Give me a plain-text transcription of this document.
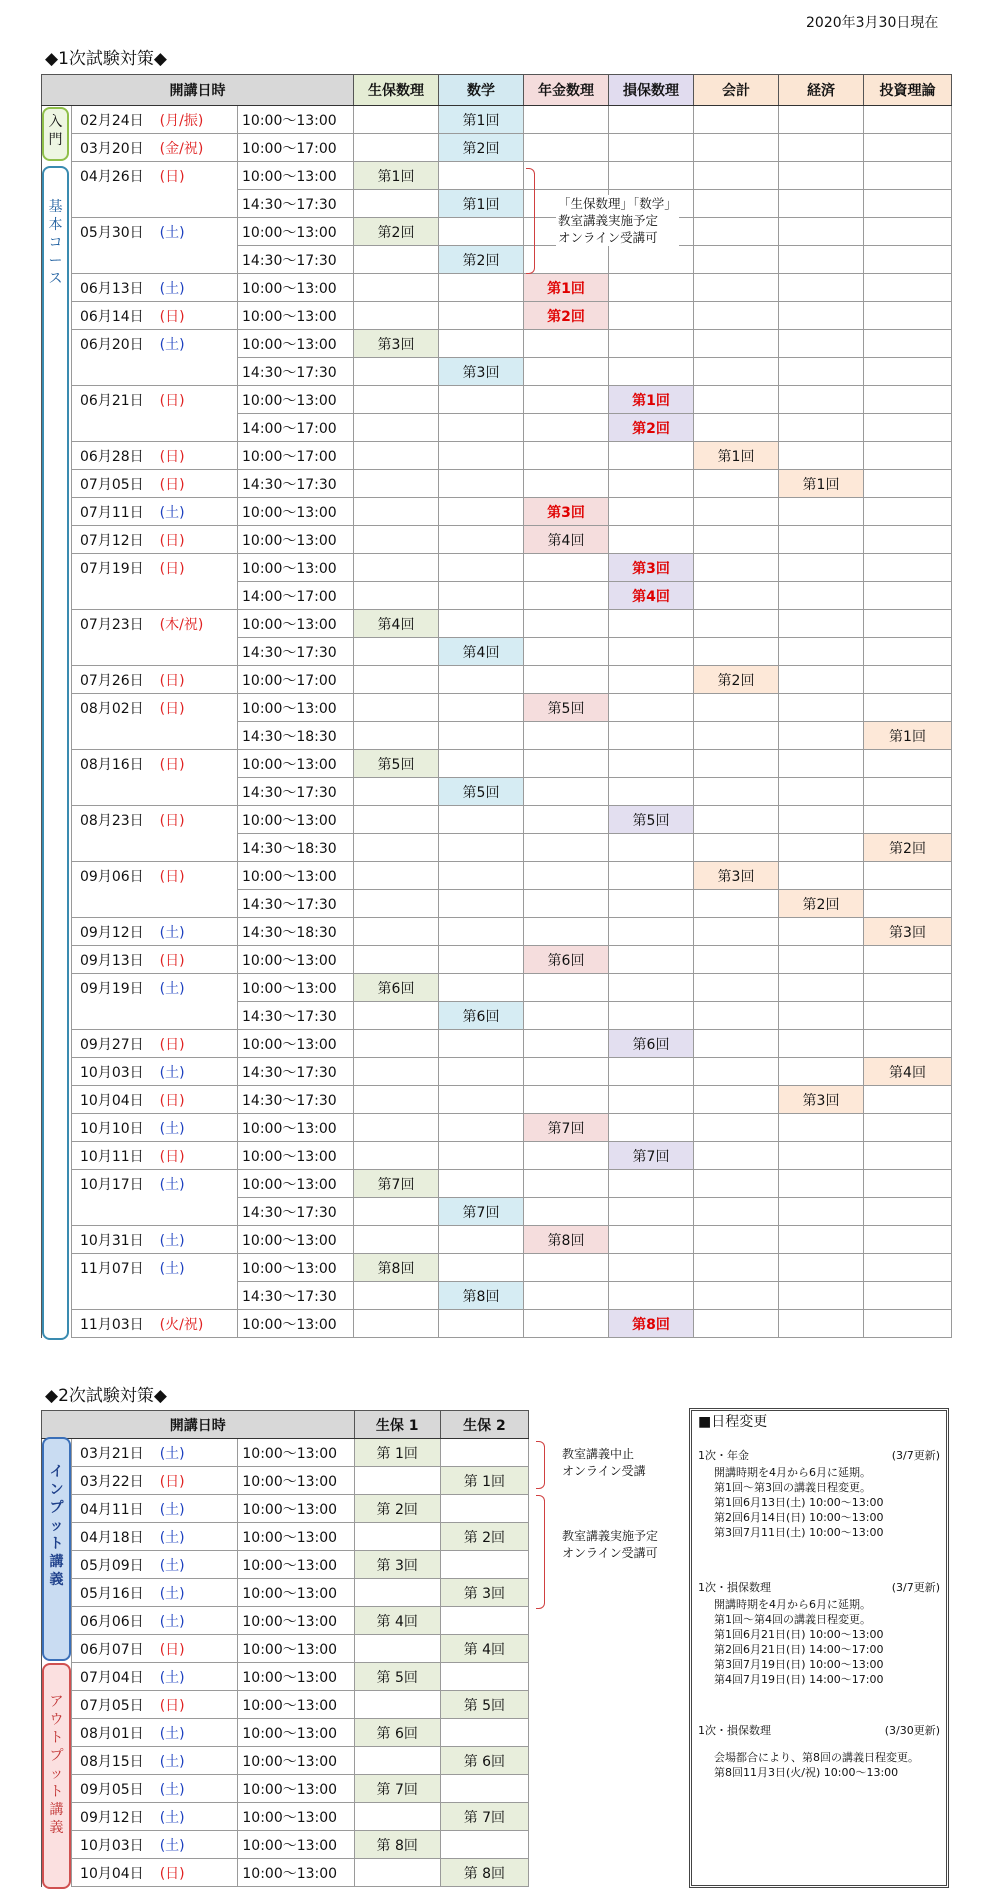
2020年3月30日現在
◆1次試験対策◆
開講日時			生保数理	数学	年金数理	損保数理	会計	経済	投資理論
	02月24日 (月/振)	10:00～13:00		第1回					
	03月20日 (金/祝)	10:00～17:00		第2回					
	04月26日 (日)	10:00～13:00	第1回						
		14:30～17:30		第1回					
	05月30日 (土)	10:00～13:00	第2回						
		14:30～17:30		第2回					
	06月13日 (土)	10:00～13:00			第1回				
	06月14日 (日)	10:00～13:00			第2回				
	06月20日 (土)	10:00～13:00	第3回						
		14:30～17:30		第3回					
	06月21日 (日)	10:00～13:00				第1回			
		14:00～17:00				第2回			
	06月28日 (日)	10:00～17:00					第1回		
	07月05日 (日)	14:30～17:30						第1回	
	07月11日 (土)	10:00～13:00			第3回				
	07月12日 (日)	10:00～13:00			第4回				
	07月19日 (日)	10:00～13:00				第3回			
		14:00～17:00				第4回			
	07月23日 (木/祝)	10:00～13:00	第4回						
		14:30～17:30		第4回					
	07月26日 (日)	10:00～17:00					第2回		
	08月02日 (日)	10:00～13:00			第5回				
		14:30～18:30							第1回
	08月16日 (日)	10:00～13:00	第5回						
		14:30～17:30		第5回					
	08月23日 (日)	10:00～13:00				第5回			
		14:30～18:30							第2回
	09月06日 (日)	10:00～13:00					第3回		
		14:30～17:30						第2回	
	09月12日 (土)	14:30～18:30							第3回
	09月13日 (日)	10:00～13:00			第6回				
	09月19日 (土)	10:00～13:00	第6回						
		14:30～17:30		第6回					
	09月27日 (日)	10:00～13:00				第6回			
	10月03日 (土)	14:30～17:30							第4回
	10月04日 (日)	14:30～17:30						第3回	
	10月10日 (土)	10:00～13:00			第7回				
	10月11日 (日)	10:00～13:00				第7回			
	10月17日 (土)	10:00～13:00	第7回						
		14:30～17:30		第7回					
	10月31日 (土)	10:00～13:00			第8回				
	11月07日 (土)	10:00～13:00	第8回						
		14:30～17:30		第8回					
	11月03日 (火/祝)	10:00～13:00				第8回			
入
門
基
本
コ
ー
ス
「生保数理」「数学」
教室講義実施予定
オンライン受講可
◆2次試験対策◆
開講日時			生保 1	生保 2
	03月21日 (土)	10:00～13:00	第 1回	
	03月22日 (日)	10:00～13:00		第 1回
	04月11日 (土)	10:00～13:00	第 2回	
	04月18日 (土)	10:00～13:00		第 2回
	05月09日 (土)	10:00～13:00	第 3回	
	05月16日 (土)	10:00～13:00		第 3回
	06月06日 (土)	10:00～13:00	第 4回	
	06月07日 (日)	10:00～13:00		第 4回
	07月04日 (土)	10:00～13:00	第 5回	
	07月05日 (日)	10:00～13:00		第 5回
	08月01日 (土)	10:00～13:00	第 6回	
	08月15日 (土)	10:00～13:00		第 6回
	09月05日 (土)	10:00～13:00	第 7回	
	09月12日 (土)	10:00～13:00		第 7回
	10月03日 (土)	10:00～13:00	第 8回	
	10月04日 (日)	10:00～13:00		第 8回
イ
ン
プ
ッ
ト
講
義
ア
ウ
ト
プ
ッ
ト
講
義
教室講義中止
オンライン受講
教室講義実施予定
オンライン受講可
■日程変更
1次・年金	(3/7更新)
開講時期を4月から6月に延期。
第1回～第3回の講義日程変更。
第1回6月13日(土) 10:00～13:00
第2回6月14日(日) 10:00～13:00
第3回7月11日(土) 10:00～13:00
1次・損保数理	(3/7更新)
開講時期を4月から6月に延期。
第1回～第4回の講義日程変更。
第1回6月21日(日) 10:00～13:00
第2回6月21日(日) 14:00～17:00
第3回7月19日(日) 10:00～13:00
第4回7月19日(日) 14:00～17:00
1次・損保数理	(3/30更新)
会場都合により、第8回の講義日程変更。
第8回11月3日(火/祝) 10:00～13:00
